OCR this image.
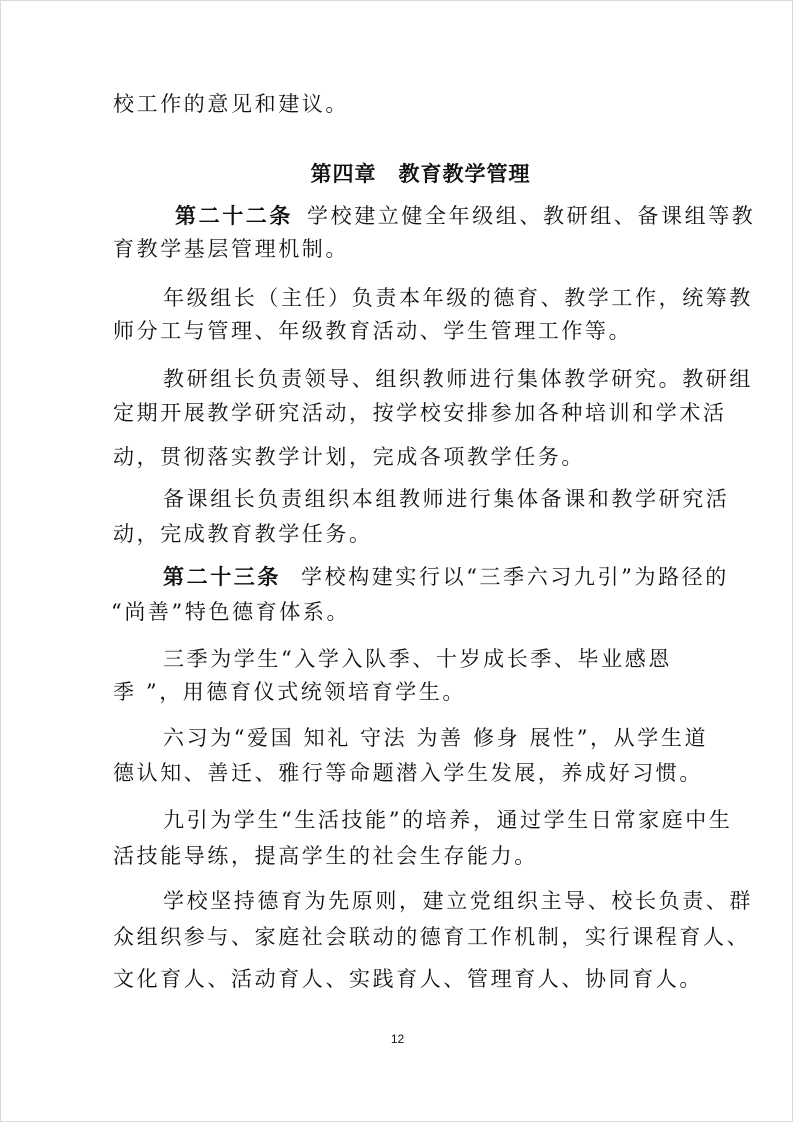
校工作的意见和建议。
第四章　教育教学管理
第二十二条 学校建立健全年级组、教研组、备课组等教
育教学基层管理机制。
年级组长（主任）负责本年级的德育、教学工作，统筹教
师分工与管理、年级教育活动、学生管理工作等。
教研组长负责领导、组织教师进行集体教学研究。教研组
定期开展教学研究活动，按学校安排参加各种培训和学术活
动，贯彻落实教学计划，完成各项教学任务。
备课组长负责组织本组教师进行集体备课和教学研究活
动，完成教育教学任务。
第二十三条 学校构建实行以“三季六习九引”为路径的
“尚善”特色德育体系。
三季为学生“入学入队季、十岁成长季、毕业感恩
季 ”，用德育仪式统领培育学生。
六习为“爱国 知礼 守法 为善 修身 展性”，从学生道
德认知、善迁、雅行等命题潜入学生发展，养成好习惯。
九引为学生“生活技能”的培养，通过学生日常家庭中生
活技能导练，提高学生的社会生存能力。
学校坚持德育为先原则，建立党组织主导、校长负责、群
众组织参与、家庭社会联动的德育工作机制，实行课程育人、
文化育人、活动育人、实践育人、管理育人、协同育人。
12
